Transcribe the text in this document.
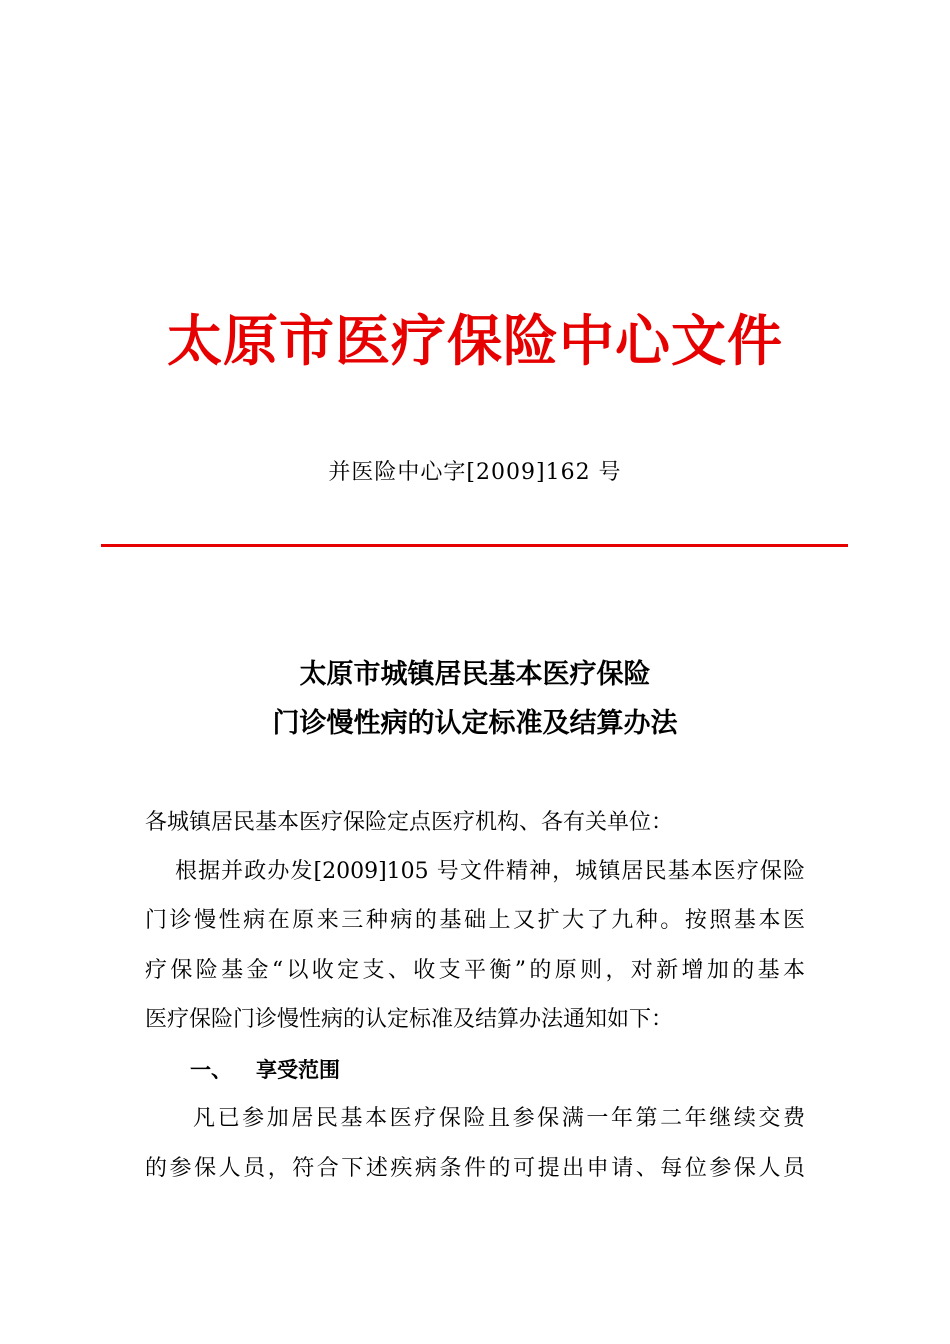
太原市医疗保险中心文件
并医险中心字[2009]162 号
太原市城镇居民基本医疗保险
门诊慢性病的认定标准及结算办法
各城镇居民基本医疗保险定点医疗机构、各有关单位：
根据并政办发[2009]105 号文件精神，城镇居民基本医疗保险
门诊慢性病在原来三种病的基础上又扩大了九种。按照基本医
疗保险基金“以收定支、收支平衡”的原则，对新增加的基本
医疗保险门诊慢性病的认定标准及结算办法通知如下：
一、 享受范围
凡已参加居民基本医疗保险且参保满一年第二年继续交费
的参保人员，符合下述疾病条件的可提出申请、每位参保人员
